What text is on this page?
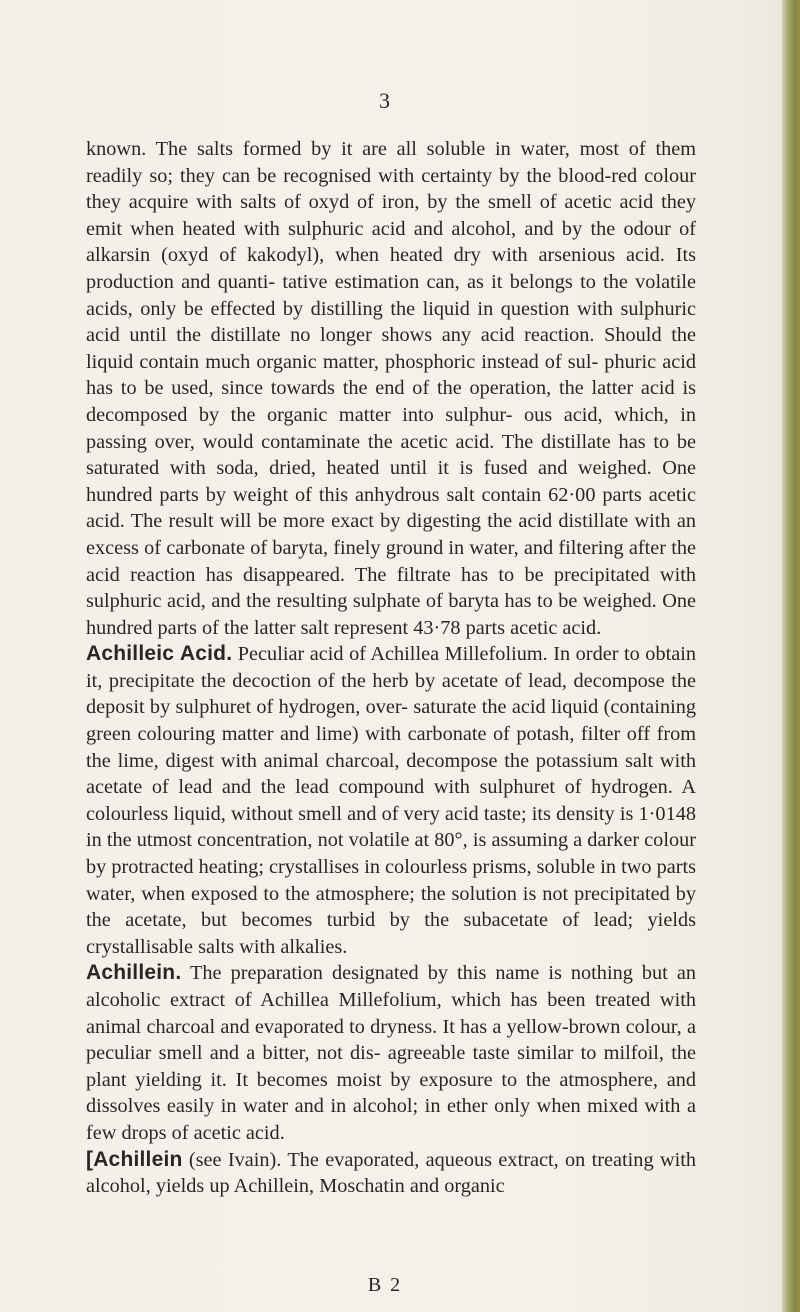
3

known. The salts formed by it are all soluble in water, most of them readily so; they can be recognised with certainty by the blood-red colour they acquire with salts of oxyd of iron, by the smell of acetic acid they emit when heated with sulphuric acid and alcohol, and by the odour of alkarsin (oxyd of kakodyl), when heated dry with arsenious acid. Its production and quanti- tative estimation can, as it belongs to the volatile acids, only be effected by distilling the liquid in question with sulphuric acid until the distillate no longer shows any acid reaction. Should the liquid contain much organic matter, phosphoric instead of sul- phuric acid has to be used, since towards the end of the operation, the latter acid is decomposed by the organic matter into sulphur- ous acid, which, in passing over, would contaminate the acetic acid. The distillate has to be saturated with soda, dried, heated until it is fused and weighed. One hundred parts by weight of this anhydrous salt contain 62·00 parts acetic acid. The result will be more exact by digesting the acid distillate with an excess of carbonate of baryta, finely ground in water, and filtering after the acid reaction has disappeared. The filtrate has to be precipitated with sulphuric acid, and the resulting sulphate of baryta has to be weighed. One hundred parts of the latter salt represent 43·78 parts acetic acid.

Achilleic Acid. Peculiar acid of Achillea Millefolium. In order to obtain it, precipitate the decoction of the herb by acetate of lead, decompose the deposit by sulphuret of hydrogen, over- saturate the acid liquid (containing green colouring matter and lime) with carbonate of potash, filter off from the lime, digest with animal charcoal, decompose the potassium salt with acetate of lead and the lead compound with sulphuret of hydrogen. A colourless liquid, without smell and of very acid taste; its density is 1·0148 in the utmost concentration, not volatile at 80°, is assuming a darker colour by protracted heating; crystallises in colourless prisms, soluble in two parts water, when exposed to the atmosphere; the solution is not precipitated by the acetate, but becomes turbid by the subacetate of lead; yields crystallisable salts with alkalies.

Achillein. The preparation designated by this name is nothing but an alcoholic extract of Achillea Millefolium, which has been treated with animal charcoal and evaporated to dryness. It has a yellow-brown colour, a peculiar smell and a bitter, not dis- agreeable taste similar to milfoil, the plant yielding it. It becomes moist by exposure to the atmosphere, and dissolves easily in water and in alcohol; in ether only when mixed with a few drops of acetic acid.

[Achillein (see Ivain). The evaporated, aqueous extract, on treating with alcohol, yields up Achillein, Moschatin and organic

B 2
